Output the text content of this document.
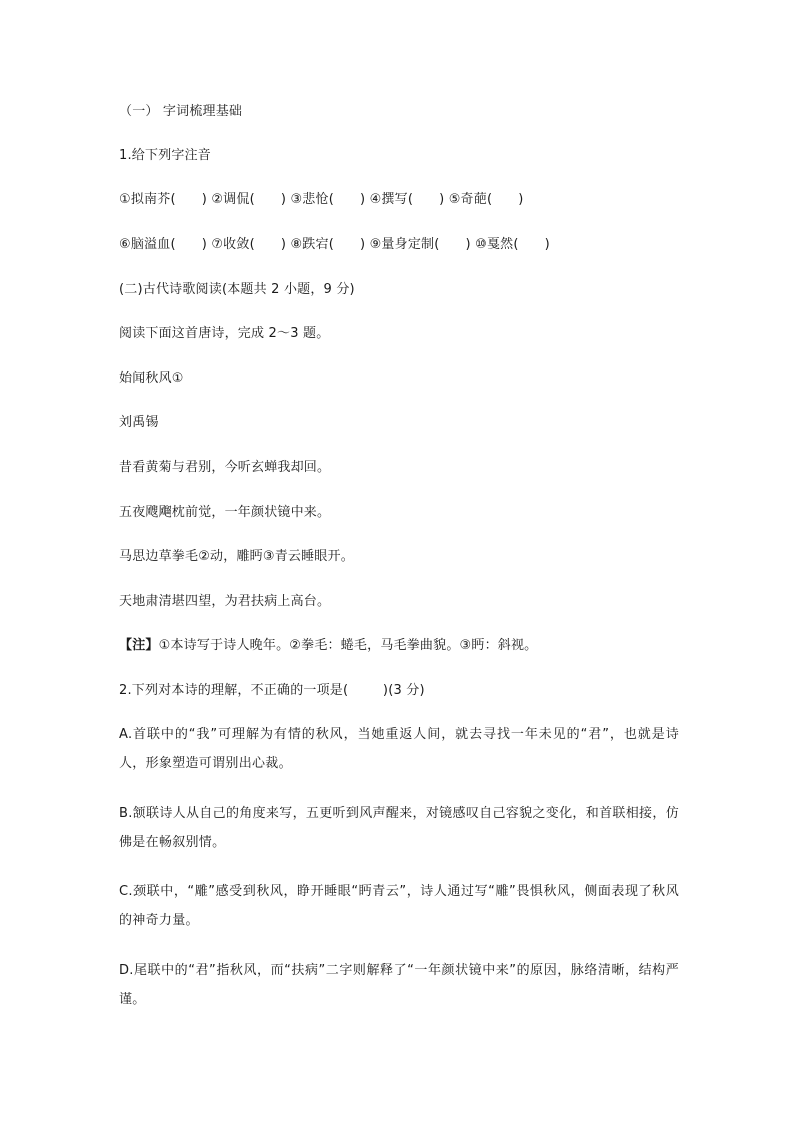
（一） 字词梳理基础
1.给下列字注音
①拟南芥(      ) ②调侃(      ) ③悲怆(      ) ④撰写(      ) ⑤奇葩(      )
⑥脑溢血(      ) ⑦收敛(      ) ⑧跌宕(      ) ⑨量身定制(      ) ⑩戛然(      )
(二)古代诗歌阅读(本题共 2 小题，9 分)
阅读下面这首唐诗，完成 2～3 题。
始闻秋风①
刘禹锡
昔看黄菊与君别，今听玄蝉我却回。
五夜飕飗枕前觉，一年颜状镜中来。
马思边草拳毛②动，雕眄③青云睡眼开。
天地肃清堪四望，为君扶病上高台。
【注】①本诗写于诗人晚年。②拳毛：蜷毛，马毛拳曲貌。③眄：斜视。
2.下列对本诗的理解，不正确的一项是(        )(3 分)
A.首联中的“我”可理解为有情的秋风，当她重返人间，就去寻找一年未见的“君”，也就是诗人，形象塑造可谓别出心裁。
B.颔联诗人从自己的角度来写，五更听到风声醒来，对镜感叹自己容貌之变化，和首联相接，仿佛是在畅叙别情。
C.颈联中，“雕”感受到秋风，睁开睡眼“眄青云”，诗人通过写“雕”畏惧秋风，侧面表现了秋风的神奇力量。
D.尾联中的“君”指秋风，而“扶病”二字则解释了“一年颜状镜中来”的原因，脉络清晰，结构严谨。
